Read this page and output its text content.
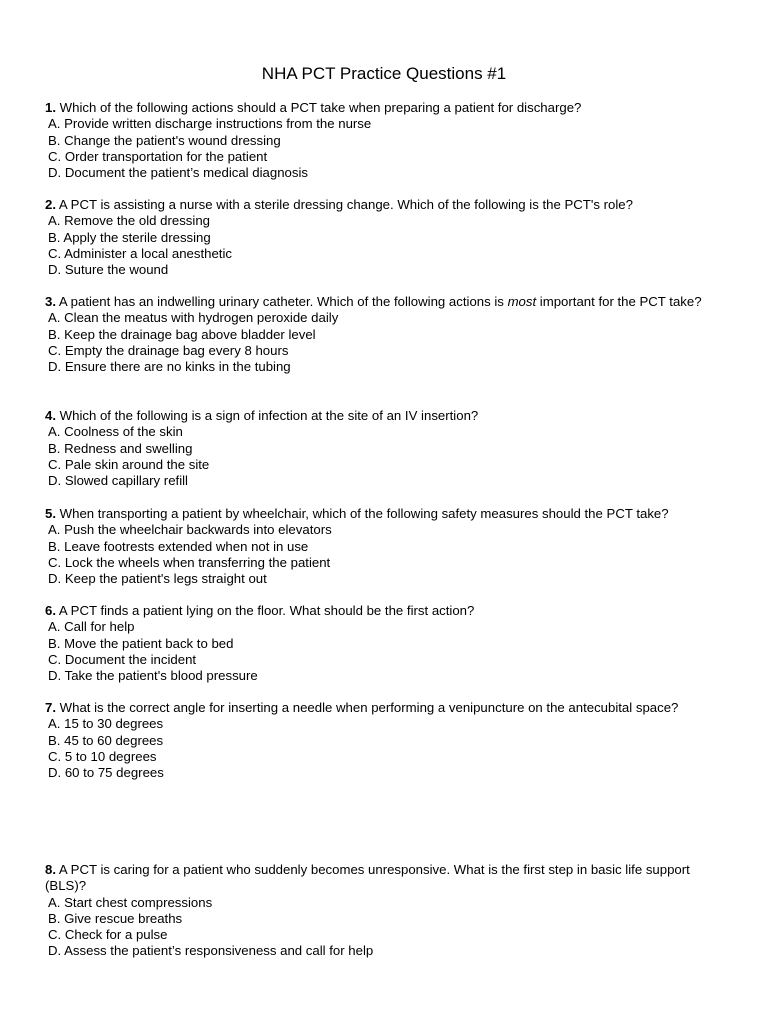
NHA PCT Practice Questions #1

1. Which of the following actions should a PCT take when preparing a patient for discharge?

A. Provide written discharge instructions from the nurse
B. Change the patient's wound dressing
C. Order transportation for the patient
D. Document the patient’s medical diagnosis

2. A PCT is assisting a nurse with a sterile dressing change. Which of the following is the PCT's role?

A. Remove the old dressing
B. Apply the sterile dressing
C. Administer a local anesthetic
D. Suture the wound

3. A patient has an indwelling urinary catheter. Which of the following actions is most important for the PCT take?

A. Clean the meatus with hydrogen peroxide daily
B. Keep the drainage bag above bladder level
C. Empty the drainage bag every 8 hours
D. Ensure there are no kinks in the tubing

4. Which of the following is a sign of infection at the site of an IV insertion?

A. Coolness of the skin
B. Redness and swelling
C. Pale skin around the site
D. Slowed capillary refill

5. When transporting a patient by wheelchair, which of the following safety measures should the PCT take?

A. Push the wheelchair backwards into elevators
B. Leave footrests extended when not in use
C. Lock the wheels when transferring the patient
D. Keep the patient's legs straight out

6. A PCT finds a patient lying on the floor. What should be the first action?

A. Call for help
B. Move the patient back to bed
C. Document the incident
D. Take the patient's blood pressure

7. What is the correct angle for inserting a needle when performing a venipuncture on the antecubital space?

A. 15 to 30 degrees
B. 45 to 60 degrees
C. 5 to 10 degrees
D. 60 to 75 degrees

8. A PCT is caring for a patient who suddenly becomes unresponsive. What is the first step in basic life support (BLS)?

A. Start chest compressions
B. Give rescue breaths
C. Check for a pulse
D. Assess the patient’s responsiveness and call for help
